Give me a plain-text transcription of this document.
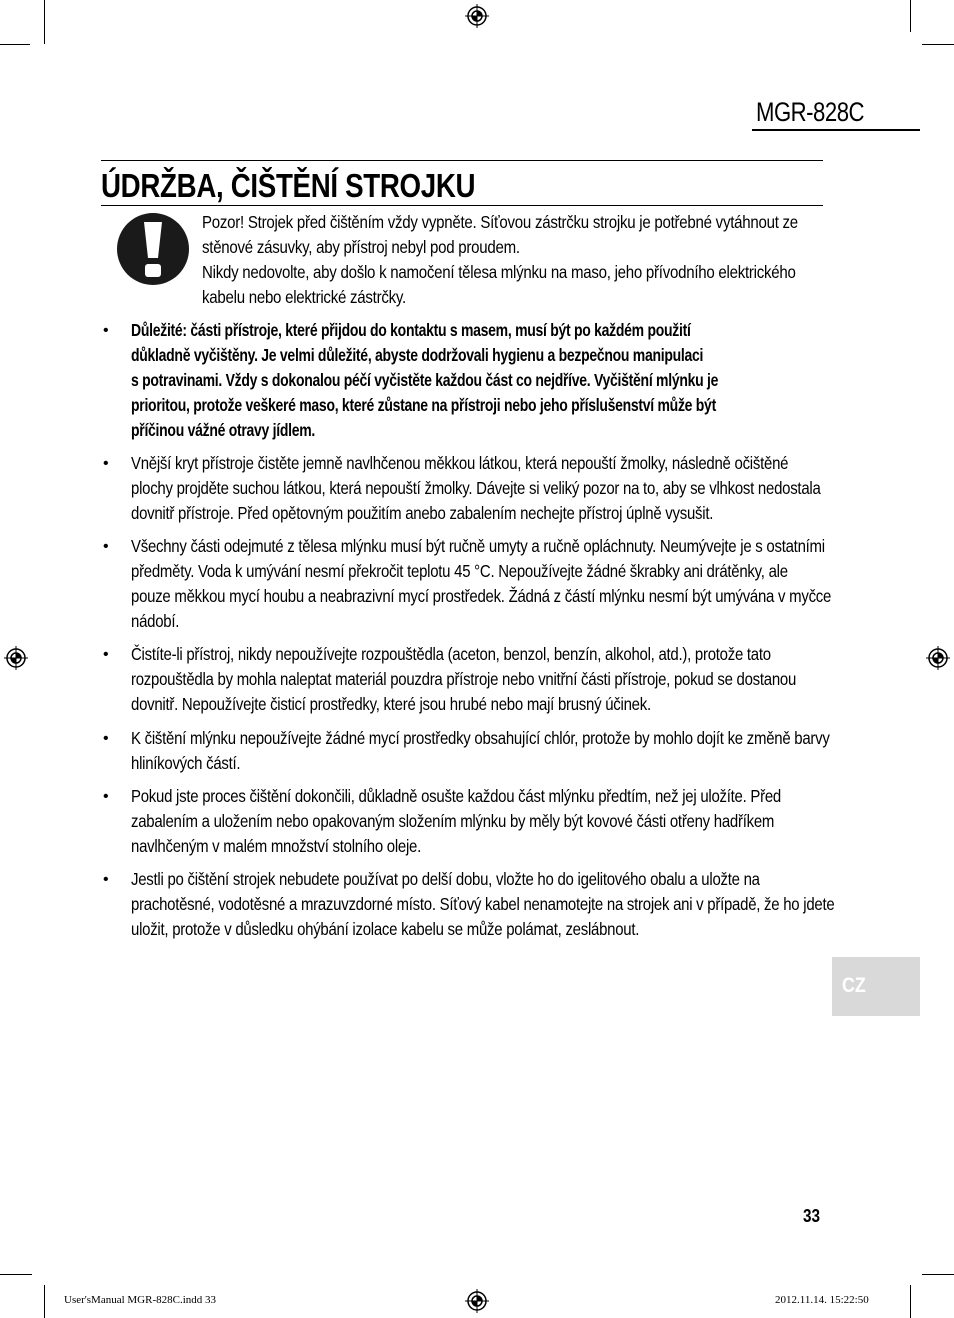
MGR-828C
ÚDRŽBA, ČIŠTĚNÍ STROJKU

Pozor! Strojek před čištěním vždy vypněte. Síťovou zástrčku strojku je potřebné vytáhnout ze

stěnové zásuvky, aby přístroj nebyl pod proudem.

Nikdy nedovolte, aby došlo k namočení tělesa mlýnku na maso, jeho přívodního elektrického

kabelu nebo elektrické zástrčky.

• Důležité: části přístroje, které přijdou do kontaktu s masem, musí být po každém použití
důkladně vyčištěny. Je velmi důležité, abyste dodržovali hygienu a bezpečnou manipulaci
s potravinami. Vždy s dokonalou péčí vyčistěte každou část co nejdříve. Vyčištění mlýnku je
prioritou, protože veškeré maso, které zůstane na přístroji nebo jeho příslušenství může být
příčinou vážné otravy jídlem.
• Vnější kryt přístroje čistěte jemně navlhčenou měkkou látkou, která nepouští žmolky, následně očištěné
plochy projděte suchou látkou, která nepouští žmolky. Dávejte si veliký pozor na to, aby se vlhkost nedostala
dovnitř přístroje. Před opětovným použitím anebo zabalením nechejte přístroj úplně vysušit.
• Všechny části odejmuté z tělesa mlýnku musí být ručně umyty a ručně opláchnuty. Neumývejte je s ostatními
předměty. Voda k umývání nesmí překročit teplotu 45 °C. Nepoužívejte žádné škrabky ani drátěnky, ale
pouze měkkou mycí houbu a neabrazivní mycí prostředek. Žádná z částí mlýnku nesmí být umývána v myčce
nádobí.
• Čistíte-li přístroj, nikdy nepoužívejte rozpouštědla (aceton, benzol, benzín, alkohol, atd.), protože tato
rozpouštědla by mohla naleptat materiál pouzdra přístroje nebo vnitřní části přístroje, pokud se dostanou
dovnitř. Nepoužívejte čisticí prostředky, které jsou hrubé nebo mají brusný účinek.
• K čištění mlýnku nepoužívejte žádné mycí prostředky obsahující chlór, protože by mohlo dojít ke změně barvy
hliníkových částí.
• Pokud jste proces čištění dokončili, důkladně osušte každou část mlýnku předtím, než jej uložíte. Před
zabalením a uložením nebo opakovaným složením mlýnku by měly být kovové části otřeny hadříkem
navlhčeným v malém množství stolního oleje.
• Jestli po čištění strojek nebudete používat po delší dobu, vložte ho do igelitového obalu a uložte na
prachotěsné, vodotěsné a mrazuvzdorné místo. Síťový kabel nenamotejte na strojek ani v případě, že ho jdete
uložit, protože v důsledku ohýbání izolace kabelu se může polámat, zeslábnout.
CZ
33
User'sManual MGR-828C.indd 33	2012.11.14. 15:22:50
